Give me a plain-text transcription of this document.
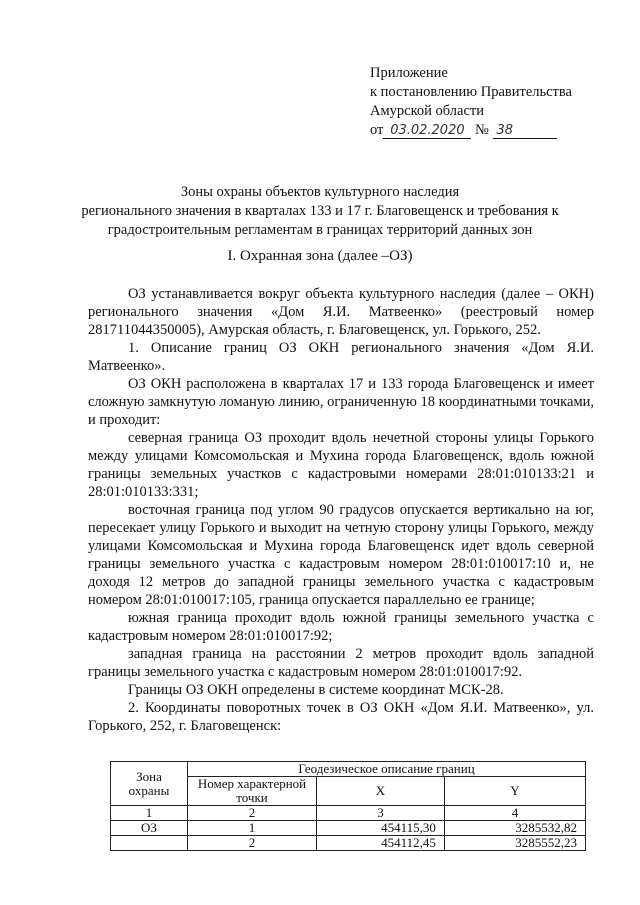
Приложение
к постановлению Правительства
Амурской области
от 03.02.2020 № 38
Зоны охраны объектов культурного наследия
регионального значения в кварталах 133 и 17 г. Благовещенск и требования к
градостроительным регламентам в границах территорий данных зон
I. Охранная зона (далее –ОЗ)

ОЗ устанавливается вокруг объекта культурного наследия (далее – ОКН) регионального значения «Дом Я.И. Матвеенко» (реестровый номер 281711044350005), Амурская область, г. Благовещенск, ул. Горького, 252.

1. Описание границ ОЗ ОКН регионального значения «Дом Я.И. Матвеенко».

ОЗ ОКН расположена в кварталах 17 и 133 города Благовещенск и имеет сложную замкнутую ломаную линию, ограниченную 18 координатными точками, и проходит:

северная граница ОЗ проходит вдоль нечетной стороны улицы Горького между улицами Комсомольская и Мухина города Благовещенск, вдоль южной границы земельных участков с кадастровыми номерами 28:01:010133:21 и 28:01:010133:331;

восточная граница под углом 90 градусов опускается вертикально на юг, пересекает улицу Горького и выходит на четную сторону улицы Горького, между улицами Комсомольская и Мухина города Благовещенск идет вдоль северной границы земельного участка с кадастровым номером 28:01:010017:10 и, не доходя 12 метров до западной границы земельного участка с кадастровым номером 28:01:010017:105, граница опускается параллельно ее границе;

южная граница проходит вдоль южной границы земельного участка с кадастровым номером 28:01:010017:92;

западная граница на расстоянии 2 метров проходит вдоль западной границы земельного участка с кадастровым номером 28:01:010017:92.

Границы ОЗ ОКН определены в системе координат МСК-28.

2. Координаты поворотных точек в ОЗ ОКН «Дом Я.И. Матвеенко», ул. Горького, 252, г. Благовещенск:

Зона охраны	Геодезическое описание границ		
	Номер характерной точки	X	Y
1	2	3	4
ОЗ	1	454115,30	3285532,82
	2	454112,45	3285552,23
